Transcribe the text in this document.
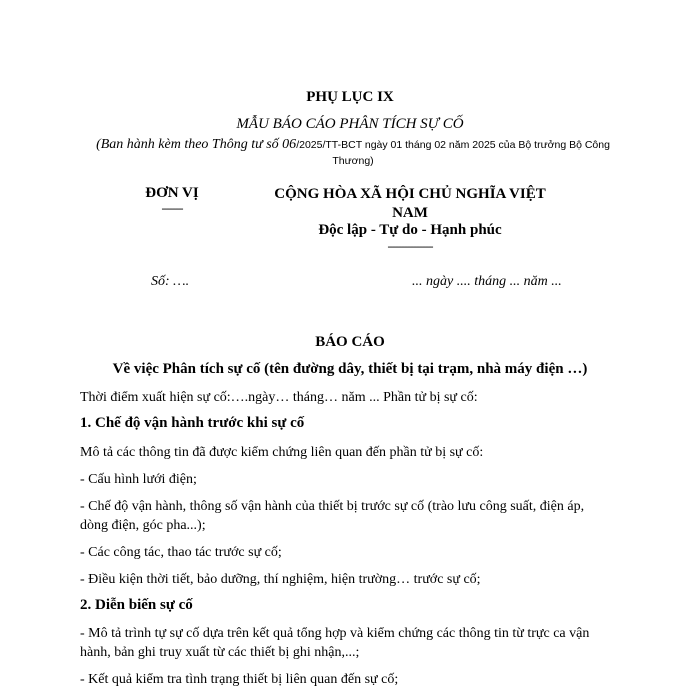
PHỤ LỤC IX
MẪU BÁO CÁO PHÂN TÍCH SỰ CỐ
(Ban hành kèm theo Thông tư số 06/2025/TT-BCT ngày 01 tháng 02 năm 2025 của Bộ trưởng Bộ Công Thương)
ĐƠN VỊ
-------
CỘNG HÒA XÃ HỘI CHỦ NGHĨA VIỆT NAM
Độc lập - Tự do - Hạnh phúc
---------------
Số: ….	... ngày .... tháng ... năm ...
BÁO CÁO
Về việc Phân tích sự cố (tên đường dây, thiết bị tại trạm, nhà máy điện …)
Thời điểm xuất hiện sự cố:….ngày… tháng… năm ... Phần tử bị sự cố:
1. Chế độ vận hành trước khi sự cố
Mô tả các thông tin đã được kiểm chứng liên quan đến phần tử bị sự cố:
- Cấu hình lưới điện;
- Chế độ vận hành, thông số vận hành của thiết bị trước sự cố (trào lưu công suất, điện áp, dòng điện, góc pha...);
- Các công tác, thao tác trước sự cố;
- Điều kiện thời tiết, bảo dưỡng, thí nghiệm, hiện trường… trước sự cố;
2. Diễn biến sự cố
- Mô tả trình tự sự cố dựa trên kết quả tổng hợp và kiểm chứng các thông tin từ trực ca vận hành, bản ghi truy xuất từ các thiết bị ghi nhận,...;
- Kết quả kiểm tra tình trạng thiết bị liên quan đến sự cố;
